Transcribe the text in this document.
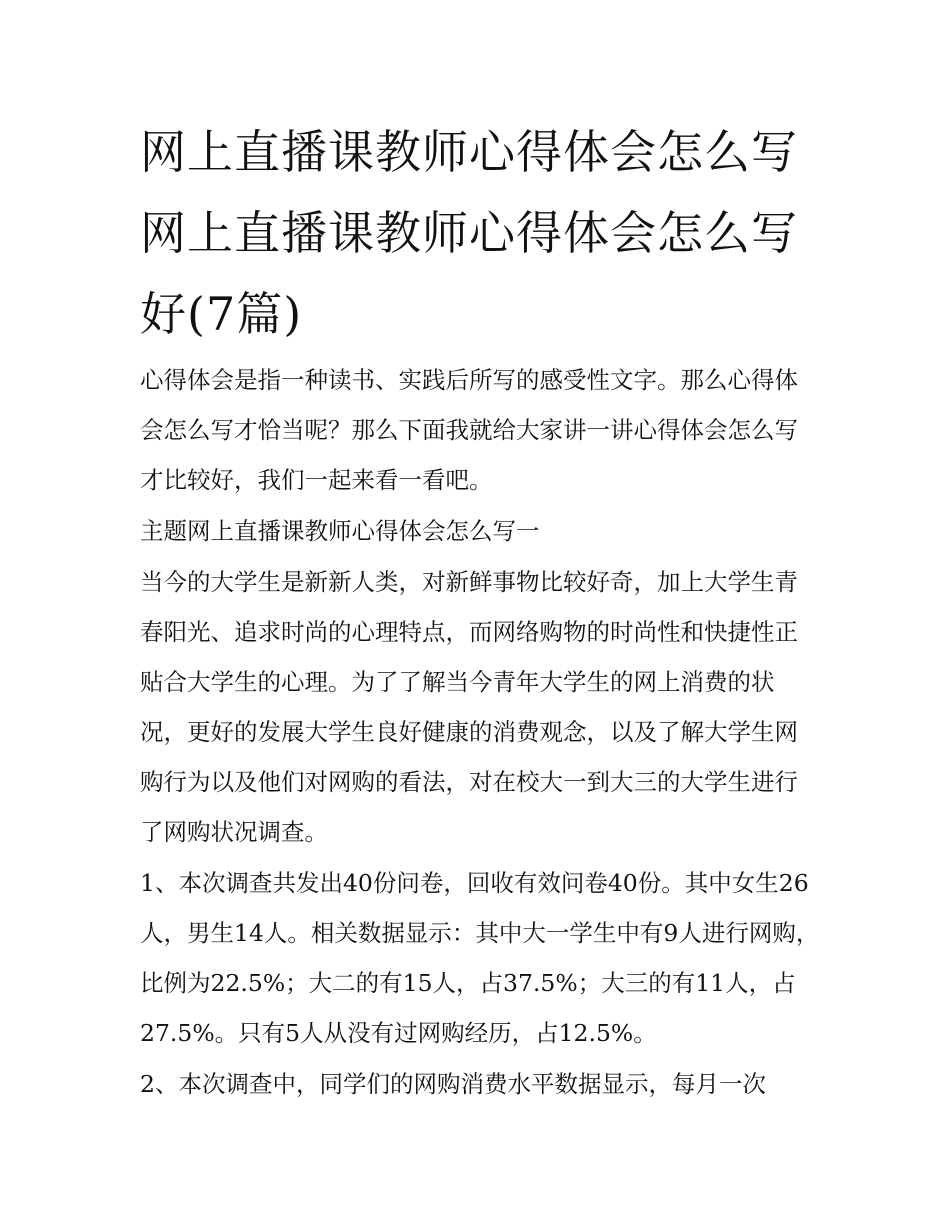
网上直播课教师心得体会怎么写 网上直播课教师心得体会怎么写好(7篇)

心得体会是指一种读书、实践后所写的感受性文字。那么心得体会怎么写才恰当呢？那么下面我就给大家讲一讲心得体会怎么写才比较好，我们一起来看一看吧。

主题网上直播课教师心得体会怎么写一

当今的大学生是新新人类，对新鲜事物比较好奇，加上大学生青春阳光、追求时尚的心理特点，而网络购物的时尚性和快捷性正贴合大学生的心理。为了了解当今青年大学生的网上消费的状况，更好的发展大学生良好健康的消费观念，以及了解大学生网购行为以及他们对网购的看法，对在校大一到大三的大学生进行了网购状况调查。

1、本次调查共发出40份问卷，回收有效问卷40份。其中女生26人，男生14人。相关数据显示：其中大一学生中有9人进行网购，比例为22.5%；大二的有15人，占37.5%；大三的有11人，占27.5%。只有5人从没有过网购经历，占12.5%。

2、本次调查中，同学们的网购消费水平数据显示，每月一次
